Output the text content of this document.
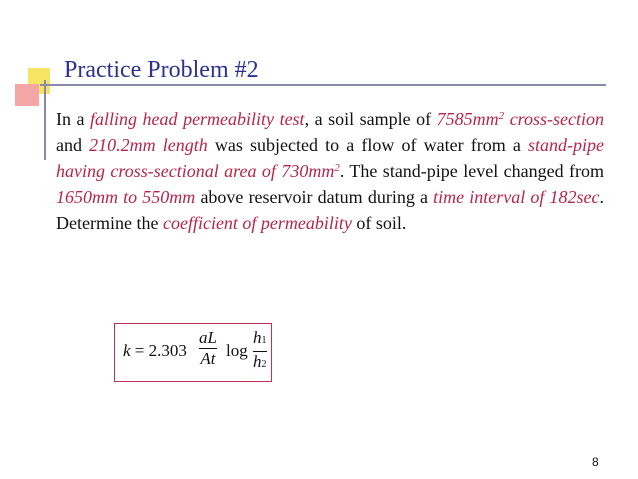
Practice Problem #2

In a falling head permeability test, a soil sample of $7585mm^2$ cross-section and 210.2mm length was subjected to a flow of water from a stand-pipe having cross-sectional area of $730mm^2$. The stand-pipe level changed from 1650mm to 550mm above reservoir datum during a time interval of 182sec. Determine the coefficient of permeability of soil.

k = 2.303
aL
At log
h1
h2

8
